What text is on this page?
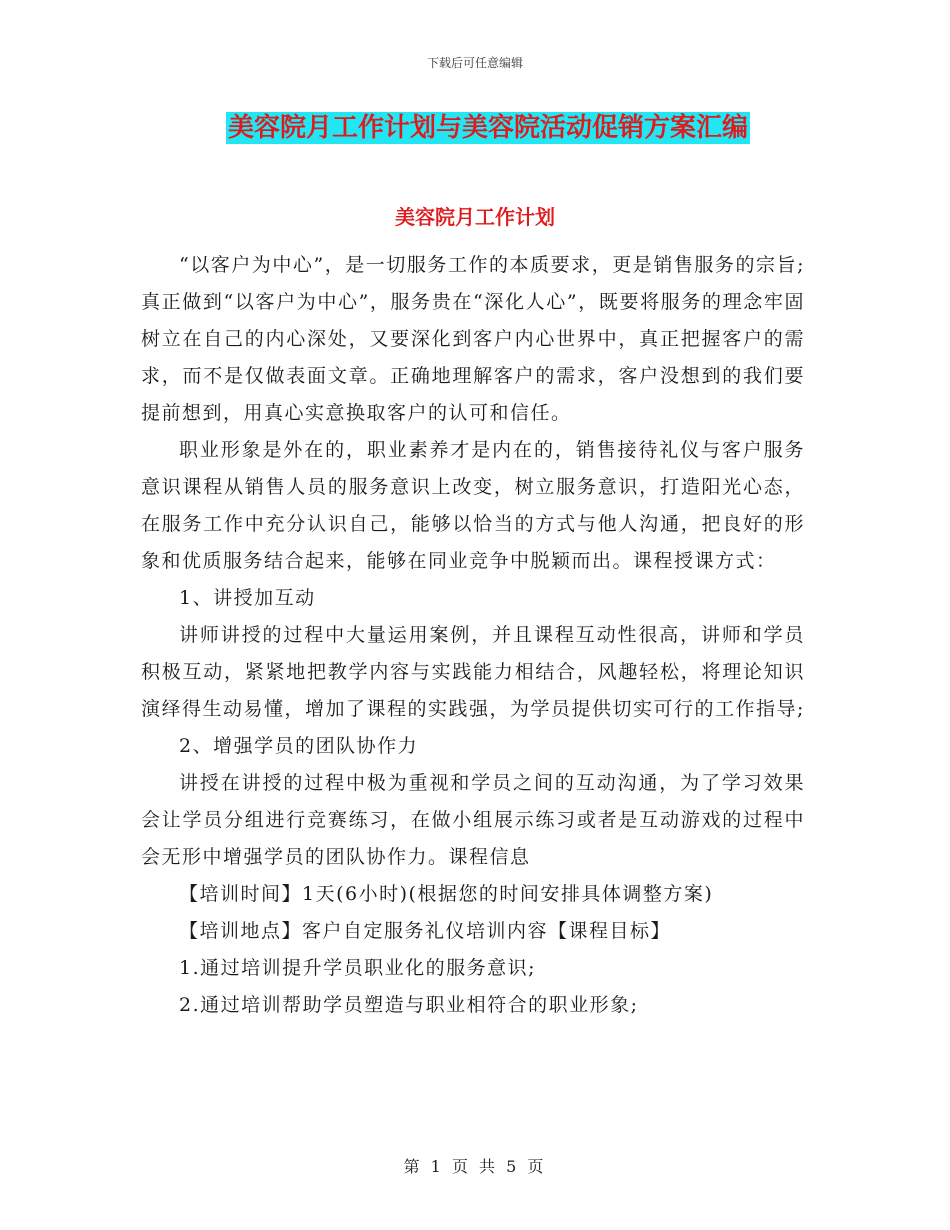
下载后可任意编辑
美容院月工作计划与美容院活动促销方案汇编
美容院月工作计划

“以客户为中心”，是一切服务工作的本质要求，更是销售服务的宗旨;真正做到“以客户为中心”，服务贵在“深化人心”，既要将服务的理念牢固树立在自己的内心深处，又要深化到客户内心世界中，真正把握客户的需求，而不是仅做表面文章。正确地理解客户的需求，客户没想到的我们要提前想到，用真心实意换取客户的认可和信任。

职业形象是外在的，职业素养才是内在的，销售接待礼仪与客户服务意识课程从销售人员的服务意识上改变，树立服务意识，打造阳光心态，在服务工作中充分认识自己，能够以恰当的方式与他人沟通，把良好的形象和优质服务结合起来，能够在同业竞争中脱颖而出。课程授课方式：

1、讲授加互动

讲师讲授的过程中大量运用案例，并且课程互动性很高，讲师和学员积极互动，紧紧地把教学内容与实践能力相结合，风趣轻松，将理论知识演绎得生动易懂，增加了课程的实践强，为学员提供切实可行的工作指导;

2、增强学员的团队协作力

讲授在讲授的过程中极为重视和学员之间的互动沟通，为了学习效果会让学员分组进行竞赛练习，在做小组展示练习或者是互动游戏的过程中会无形中增强学员的团队协作力。课程信息

【培训时间】1天(6小时)(根据您的时间安排具体调整方案)

【培训地点】客户自定服务礼仪培训内容【课程目标】

1.通过培训提升学员职业化的服务意识;

2.通过培训帮助学员塑造与职业相符合的职业形象;

第 1 页 共 5 页
